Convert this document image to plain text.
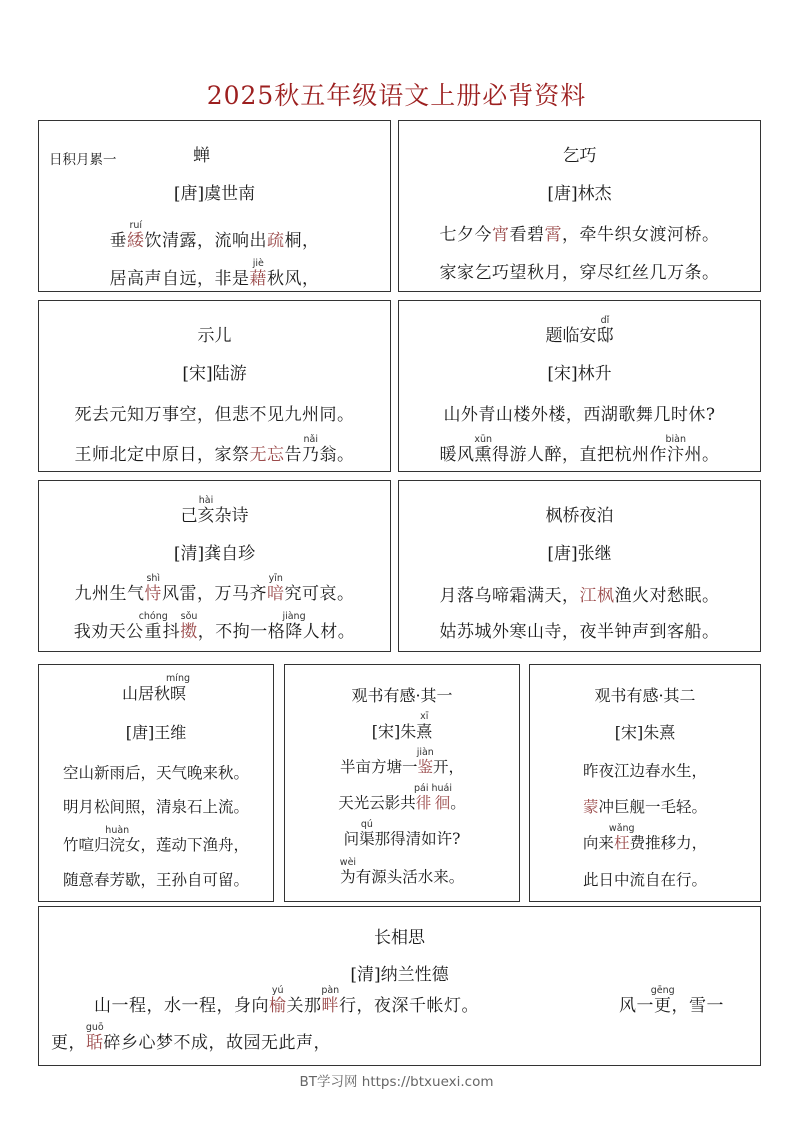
2025秋五年级语文上册必背资料
日积月累一	蝉
[唐]虞世南
垂緌ruí饮清露，流响出疏桐，
居高声自远，非是藉jiè秋风，
乞巧
[唐]林杰
七夕今宵看碧霄，牵牛织女渡河桥。
家家乞巧望秋月，穿尽红丝几万条。
示儿
[宋]陆游
死去元知万事空，但悲不见九州同。
王师北定中原日，家祭无忘告乃nǎi翁。
题临安邸dǐ
[宋]林升
山外青山楼外楼，西湖歌舞几时休?
暖风熏xūn得游人醉，直把杭州作汴biàn州。
己亥hài杂诗
[清]龚自珍
九州生气恃shì风雷，万马齐喑yīn究可哀。
我劝天公重chóng抖擞sǒu，不拘一格降jiàng人材。
枫桥夜泊
[唐]张继
月落乌啼霜满天，江枫渔火对愁眠。
姑苏城外寒山寺，夜半钟声到客船。
山居秋暝míng
[唐]王维
空山新雨后，天气晚来秋。
明月松间照，清泉石上流。
竹喧归浣huàn女，莲动下渔舟，
随意春芳歇，王孙自可留。
观书有感·其一
[宋]朱熹xī
半亩方塘一鉴jiàn开，
天光云影共徘徊pái huái。
问渠qú那得清如许?
为wèi有源头活水来。
观书有感·其二
[宋]朱熹
昨夜江边春水生，
蒙冲巨舰一毛轻。
向来枉wǎng费推移力，
此日中流自在行。
长相思
[清]纳兰性德
山一程，水一程，身向榆yú关那畔pàn行，夜深千帐灯。	风一更gēng，雪一
更，聒guō碎乡心梦不成，故园无此声，
BT学习网 https://btxuexi.com
